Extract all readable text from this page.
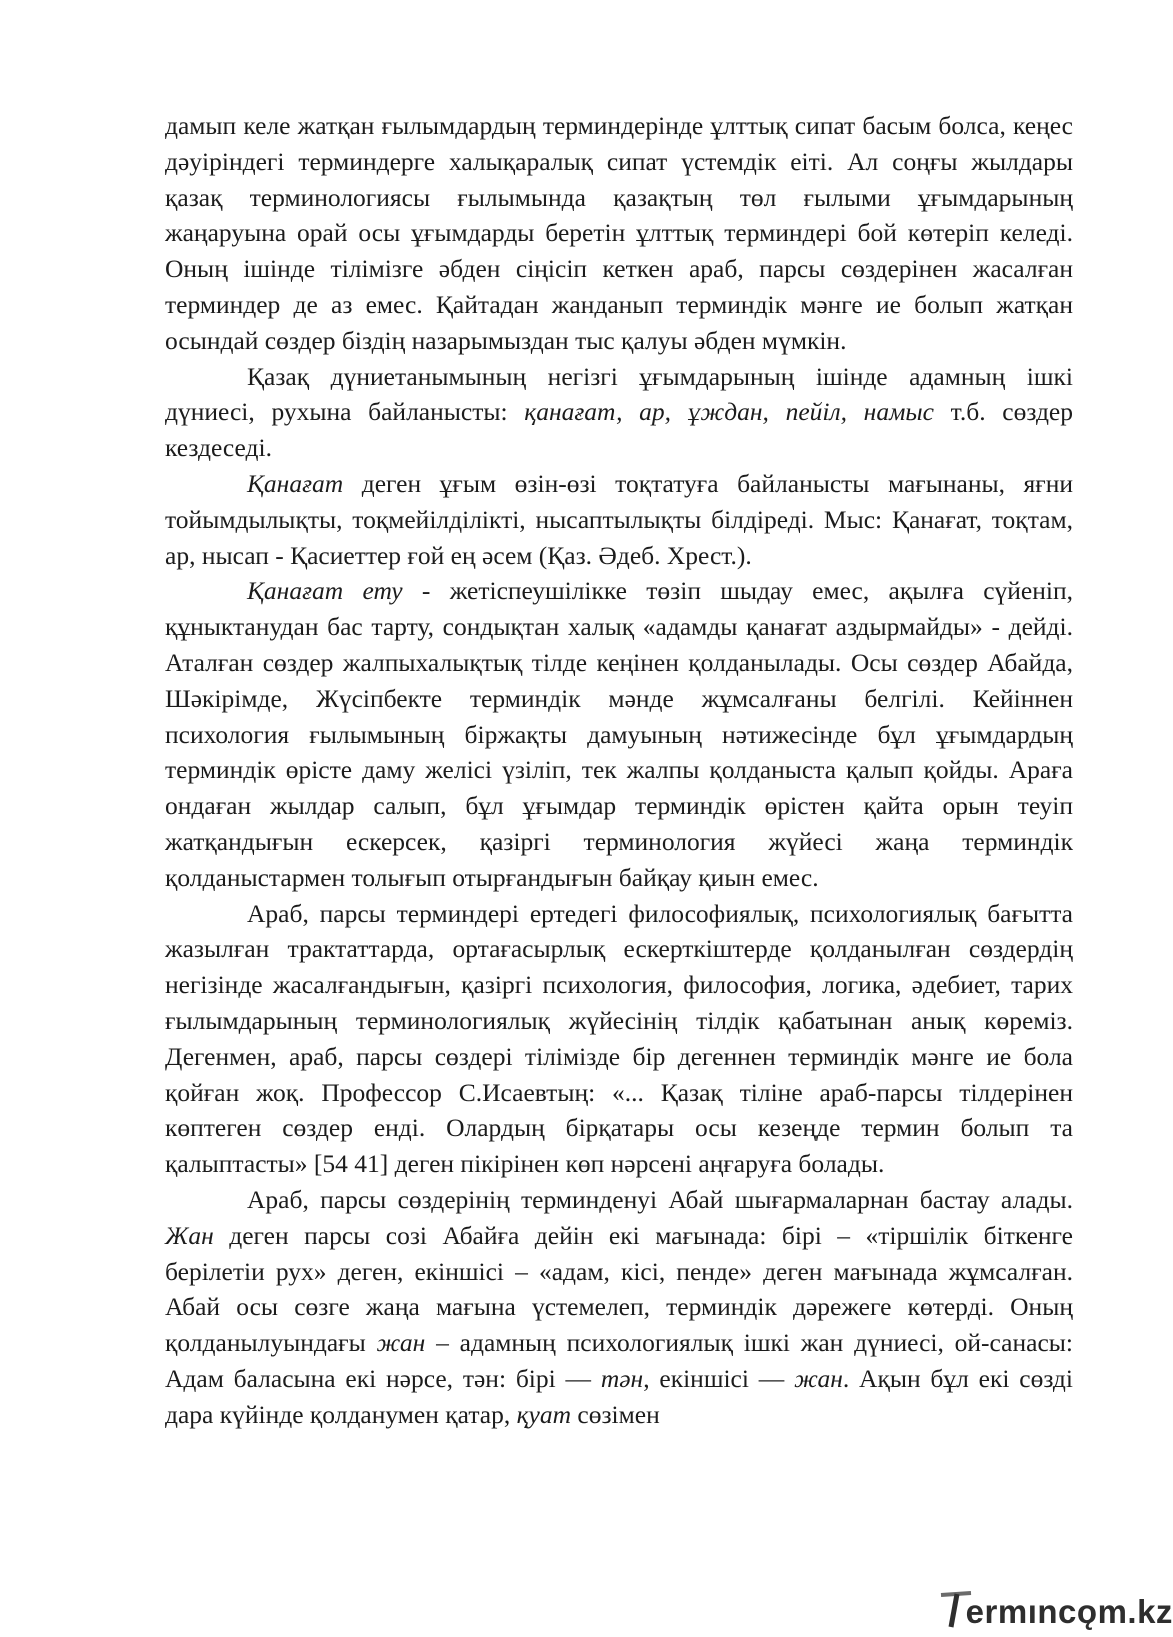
дамып келе жатқан ғылымдардың терминдерінде ұлттық сипат басым болса, кеңес дәуіріндегі терминдерге халықаралық сипат үстемдік еіті. Ал соңғы жылдары қазақ терминологиясы ғылымында қазақтың төл ғылыми ұғымдарының жаңаруына орай осы ұғымдарды беретін ұлттық терминдері бой көтеріп келеді. Оның ішінде тілімізге әбден сіңісіп кеткен араб, парсы сөздерінен жасалған терминдер де аз емес. Қайтадан жанданып терминдік мәнге ие болып жатқан осындай сөздер біздің назарымыздан тыс қалуы әбден мүмкін.

Қазақ дүниетанымының негізгі ұғымдарының ішінде адамның ішкі дүниесі, рухына байланысты: қанағат, ар, ұждан, пейіл, намыс т.б. сөздер кездеседі.

Қанағат деген ұғым өзін-өзі тоқтатуға байланысты мағынаны, яғни тойымдылықты, тоқмейілділікті, нысаптылықты білдіреді. Мыс: Қанағат, тоқтам, ар, нысап - Қасиеттер ғой ең әсем (Қаз. Әдеб. Хрест.).

Қанағат ету - жетіспеушілікке төзіп шыдау емес, ақылға сүйеніп, құныктанудан бас тарту, сондықтан халық «адамды қанағат аздырмайды» - дейді. Аталған сөздер жалпыхалықтық тілде кеңінен қолданылады. Осы сөздер Абайда, Шәкірімде, Жүсіпбекте терминдік мәнде жұмсалғаны белгілі. Кейіннен психология ғылымының біржақты дамуының нәтижесінде бұл ұғымдардың терминдік өрісте даму желісі үзіліп, тек жалпы қолданыста қалып қойды. Араға ондаған жылдар салып, бұл ұғымдар терминдік өрістен қайта орын теуіп жатқандығын ескерсек, қазіргі терминология жүйесі жаңа терминдік қолданыстармен толығып отырғандығын байқау қиын емес.

Араб, парсы терминдері ертедегі философиялық, психологиялық бағытта жазылған трактаттарда, ортағасырлық ескерткіштерде қолданылған сөздердің негізінде жасалғандығын, қазіргі психология, философия, логика, әдебиет, тарих ғылымдарының терминологиялық жүйесінің тілдік қабатынан анық көреміз. Дегенмен, араб, парсы сөздері тілімізде бір дегеннен терминдік мәнге ие бола қойған жоқ. Профессор С.Исаевтың: «... Қазақ тіліне араб-парсы тілдерінен көптеген сөздер енді. Олардың бірқатары осы кезеңде термин болып та қалыптасты» [54 41] деген пікірінен көп нәрсені аңғаруға болады.

Араб, парсы сөздерінің терминденуі Абай шығармаларнан бастау алады. Жан деген парсы созі Абайға дейін екі мағынада: бірі – «тіршілік біткенге берілетіи рух» деген, екіншісі – «адам, кісі, пенде» деген мағынада жұмсалған. Абай осы сөзге жаңа мағына үстемелеп, терминдік дәрежеге көтерді. Оның қолданылуындағы жан – адамның психологиялық ішкі жан дүниесі, ой-санасы: Адам баласына екі нәрсе, тән: бірі — тән, екіншісі — жан. Ақын бұл екі сөзді дара күйінде қолданумен қатар, қуат сөзімен

ermınc ǫ m.kz
